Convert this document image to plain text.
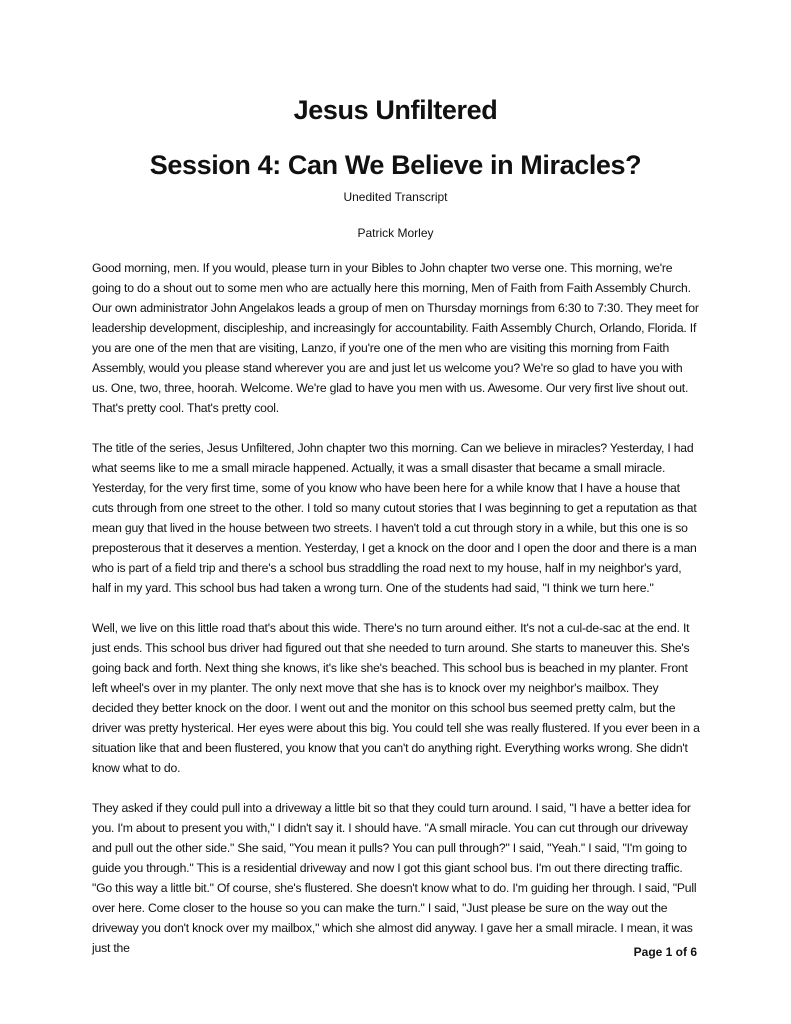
Jesus Unfiltered
Session 4: Can We Believe in Miracles?

Unedited Transcript

Patrick Morley

Good morning, men. If you would, please turn in your Bibles to John chapter two verse one. This morning, we're going to do a shout out to some men who are actually here this morning, Men of Faith from Faith Assembly Church. Our own administrator John Angelakos leads a group of men on Thursday mornings from 6:30 to 7:30. They meet for leadership development, discipleship, and increasingly for accountability. Faith Assembly Church, Orlando, Florida. If you are one of the men that are visiting, Lanzo, if you're one of the men who are visiting this morning from Faith Assembly, would you please stand wherever you are and just let us welcome you? We're so glad to have you with us. One, two, three, hoorah. Welcome. We're glad to have you men with us. Awesome. Our very first live shout out. That's pretty cool. That's pretty cool.

The title of the series, Jesus Unfiltered, John chapter two this morning. Can we believe in miracles? Yesterday, I had what seems like to me a small miracle happened. Actually, it was a small disaster that became a small miracle. Yesterday, for the very first time, some of you know who have been here for a while know that I have a house that cuts through from one street to the other. I told so many cutout stories that I was beginning to get a reputation as that mean guy that lived in the house between two streets. I haven't told a cut through story in a while, but this one is so preposterous that it deserves a mention. Yesterday, I get a knock on the door and I open the door and there is a man who is part of a field trip and there's a school bus straddling the road next to my house, half in my neighbor's yard, half in my yard. This school bus had taken a wrong turn. One of the students had said, "I think we turn here."

Well, we live on this little road that's about this wide. There's no turn around either. It's not a cul-de-sac at the end. It just ends. This school bus driver had figured out that she needed to turn around. She starts to maneuver this. She's going back and forth. Next thing she knows, it's like she's beached. This school bus is beached in my planter. Front left wheel's over in my planter. The only next move that she has is to knock over my neighbor's mailbox. They decided they better knock on the door. I went out and the monitor on this school bus seemed pretty calm, but the driver was pretty hysterical. Her eyes were about this big. You could tell she was really flustered. If you ever been in a situation like that and been flustered, you know that you can't do anything right. Everything works wrong. She didn't know what to do.

They asked if they could pull into a driveway a little bit so that they could turn around. I said, "I have a better idea for you. I'm about to present you with," I didn't say it. I should have. "A small miracle. You can cut through our driveway and pull out the other side." She said, "You mean it pulls? You can pull through?" I said, "Yeah." I said, "I'm going to guide you through." This is a residential driveway and now I got this giant school bus. I'm out there directing traffic. "Go this way a little bit." Of course, she's flustered. She doesn't know what to do. I'm guiding her through. I said, "Pull over here. Come closer to the house so you can make the turn." I said, "Just please be sure on the way out the driveway you don't knock over my mailbox," which she almost did anyway. I gave her a small miracle. I mean, it was just the	Page 1 of 6
